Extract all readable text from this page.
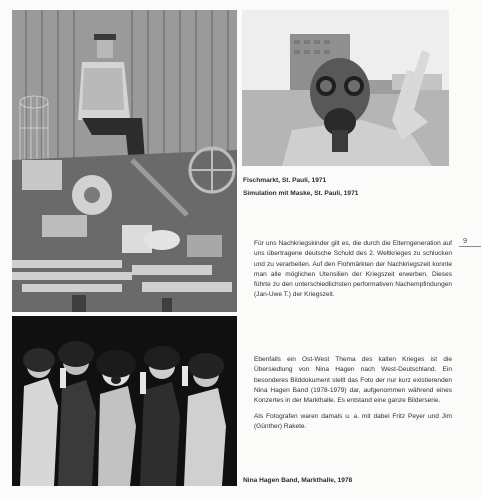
Fischmarkt, St. Pauli, 1971

Simulation mit Maske, St. Pauli, 1971

Für uns Nachkriegskinder gilt es, die durch die Elterngeneration auf uns übertragene deutsche Schuld des 2. Weltkrieges zu schlucken und zu verarbeiten. Auf den Flohmärkten der Nachkriegszeit konnte man alle möglichen Utensilien der Kriegszeit erwerben. Dieses führte zu den unterschiedlichsten performativen Nachempfindungen (Jan-Uwe T.) der Kriegszeit.

9

Ebenfalls ein Ost-West Thema des kalten Krieges ist die Übersiedlung von Nina Hagen nach West-Deutschland. Ein besonderes Bilddokument stellt das Foto der nur kurz existierenden Nina Hagen Band (1978-1979) dar, aufgenommen während eines Konzertes in der Markthalle. Es entstand eine ganze Bilderserie.

Als Fotografen waren damals u. a. mit dabei Fritz Peyer und Jim (Günther) Rakete.

Nina Hagen Band, Markthalle, 1978
